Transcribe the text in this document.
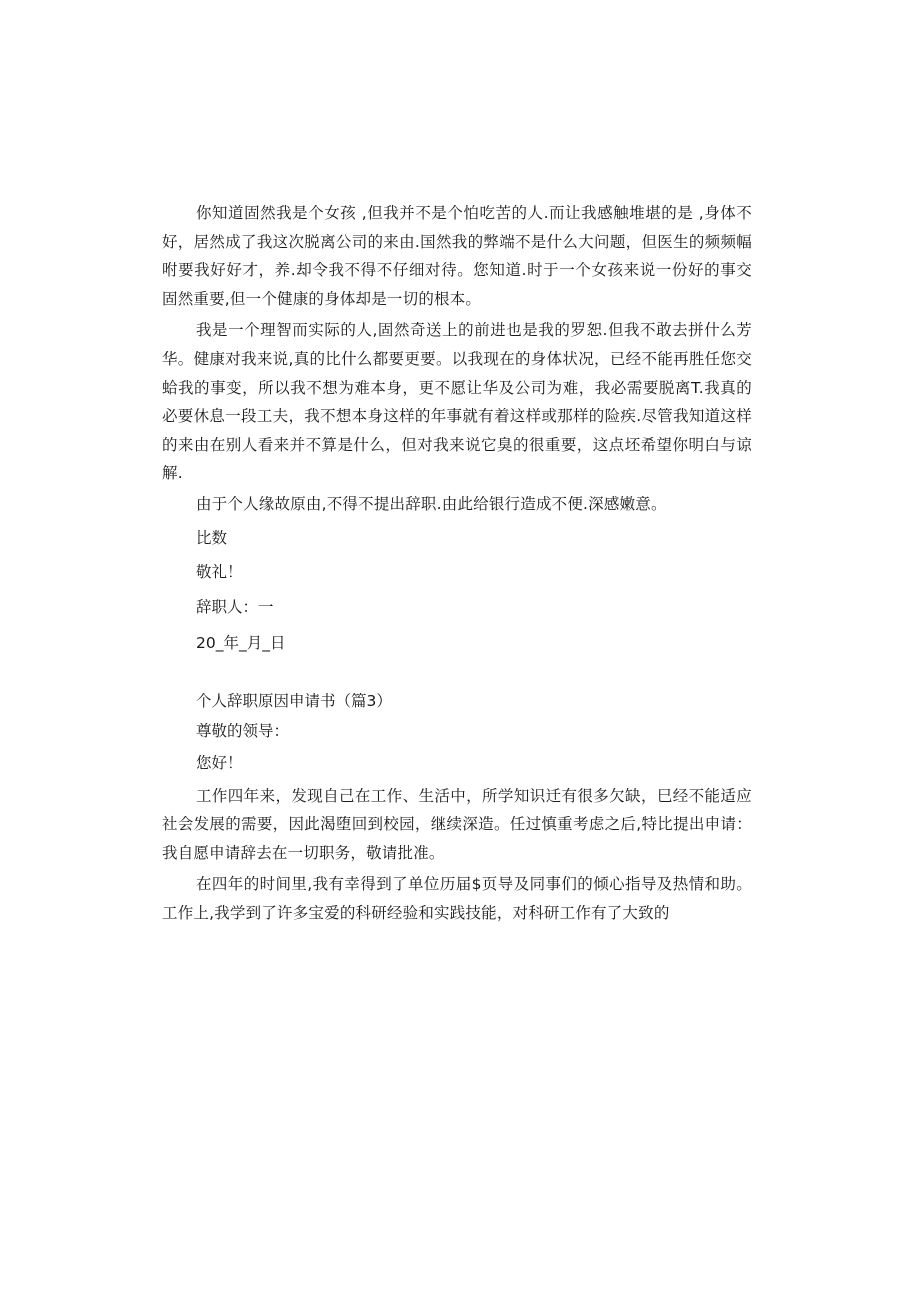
你知道固然我是个女孩 ,但我并不是个怕吃苦的人.而让我感触堆堪的是 ,身体不好，居然成了我这次脱离公司的来由.国然我的弊端不是什么大问题，但医生的频频幅咐要我好好才，养.却令我不得不仔细对待。您知道.时于一个女孩来说一份好的事交固然重要,但一个健康的身体却是一切的根本。

我是一个理智而实际的人,固然奇送上的前进也是我的罗恕.但我不敢去拼什么芳华。健康对我来说,真的比什么都要更要。以我现在的身体状况，已经不能再胜任您交蛤我的事变，所以我不想为难本身，更不愿让华及公司为难，我必需要脱离T.我真的必要休息一段工夫，我不想本身这样的年事就有着这样或那样的险疾.尽管我知道这样的来由在别人看来并不算是什么，但对我来说它臭的很重要，这点坯希望你明白与谅解.

由于个人缘故原由,不得不提出辞职.由此给银行造成不便.深感嫩意。

比数

敬礼！

辞职人：一

20_年_月_日

个人辞职原因申请书（篇3）

尊敬的领导：

您好！

工作四年来，发现自己在工作、生活中，所学知识迁有很多欠缺，巳经不能适应社会发展的需要，因此渴堕回到校园，继续深造。任过慎重考虑之后,特比提出申请：我自愿申请辞去在一切职务，敬请批准。

在四年的时间里,我有幸得到了单位历届$页导及同事们的倾心指导及热情和助。工作上,我学到了许多宝爱的科研经验和实践技能，对科研工作有了大致的
